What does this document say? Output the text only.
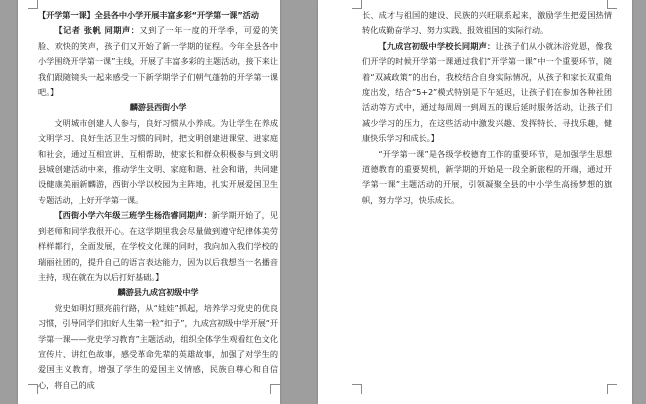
【开学第一课】全县各中小学开展丰富多彩“开学第一课”活动

【记者 张帆 同期声：又到了一年一度的开学季，可爱的笑脸、欢快的笑声，孩子们又开始了新一学期的征程。今年全县各中小学围绕开学第一课”主线，开展了丰富多彩的主题活动，接下来让我们跟随镜头一起来感受一下新学期学子们朝气蓬勃的开学第一课吧。】

麟游县西街小学

文明城市创建人人参与，良好习惯从小养成。为让学生在养成文明学习、良好生活卫生习惯的同时，把文明创建进课堂、进家庭和社会，通过互相宣讲、互相帮助，使家长和群众积极参与到文明县城创建活动中来，推动学生文明、家庭和谐、社会和谐，共同建设健康美丽新麟游，西街小学以校园为主阵地，扎实开展爱国卫生专题活动，上好开学第一课。

【西街小学六年级三班学生杨浩睿同期声：新学期开始了，见到老师和同学我很开心。在这学期里我会尽量做到遵守纪律体美劳样样都行，全面发展，在学校文化课的同时，我向加入我们学校的瑞丽社团的，提升自己的语言表达能力，因为以后我想当一名播音主持，现在就在为以后打好基础。】

麟游县九成宫初级中学

党史如明灯照亮前行路，从“娃娃”抓起，培养学习党史的优良习惯，引导同学们扣好人生第一粒“扣子”，九成宫初级中学开展“开学第一课——党史学习教育”主题活动，组织全体学生观看红色文化宣传片、讲红色故事，感受革命先辈的英雄故事，加强了对学生的爱国主义教育，增强了学生的爱国主义情感，民族自尊心和自信心，将自己的成

长、成才与祖国的建设、民族的兴旺联系起来，激励学生把爱国热情转化成勤奋学习、努力实践、报效祖国的实际行动。

【九成宫初级中学校长同期声：让孩子们从小就沐浴党恩，像我们开学的时候开学第一课通过我们“开学第一课”中一个重要环节，随着“双减政策”的出台，我校结合自身实际情况，从孩子和家长双重角度出发，结合“5+2”模式特别是下午延迟，让孩子们在参加各种社团活动等方式中，通过每周周一到周五的课后延时服务活动，让孩子们减少学习的压力，在这些活动中激发兴趣、发挥特长、寻找乐趣，健康快乐学习和成长。】

“开学第一课”是各级学校德育工作的重要环节，是加强学生思想道德教育的重要契机，新学期的开始是一段全新旅程的开端，通过开学第一课”主题活动的开展，引领凝聚全县的中小学生高扬梦想的旗帜，努力学习，快乐成长。
